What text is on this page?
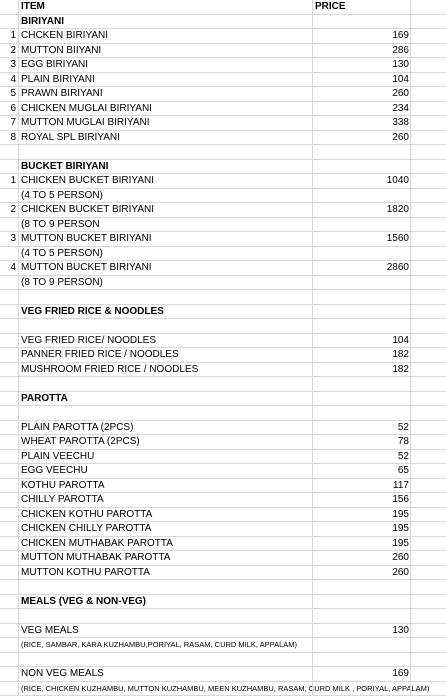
ITEM	PRICE
BIRIYANI
1 CHCKEN BIRIYANI	169
2 MUTTON BIIYANI	286
3 EGG BIRIYANI	130
4 PLAIN BIRIYANI	104
5 PRAWN BIRIYANI	260
6 CHICKEN MUGLAI BIRIYANI	234
7 MUTTON MUGLAI BIRIYANI	338
8 ROYAL SPL BIRIYANI	260
BUCKET BIRIYANI
1 CHICKEN BUCKET BIRIYANI	1040
(4 TO 5 PERSON)
2 CHICKEN BUCKET BIRIYANI	1820
(8 TO 9 PERSON
3 MUTTON BUCKET BIRIYANI	1560
(4 TO 5 PERSON)
4 MUTTON BUCKET BIRIYANI	2860
(8 TO 9 PERSON)
VEG FRIED RICE & NOODLES
VEG FRIED RICE/ NOODLES	104
PANNER FRIED RICE / NOODLES	182
MUSHROOM FRIED RICE / NOODLES	182
PAROTTA
PLAIN PAROTTA (2PCS)	52
WHEAT PAROTTA (2PCS)	78
PLAIN VEECHU	52
EGG VEECHU	65
KOTHU PAROTTA	117
CHILLY PAROTTA	156
CHICKEN KOTHU PAROTTA	195
CHICKEN CHILLY PAROTTA	195
CHICKEN MUTHABAK PAROTTA	195
MUTTON MUTHABAK PAROTTA	260
MUTTON KOTHU PAROTTA	260
MEALS (VEG & NON-VEG)
VEG MEALS	130
(RICE, SAMBAR, KARA KUZHAMBU,PORIYAL, RASAM, CURD MILK, APPALAM)
NON VEG MEALS	169
(RICE, CHICKEN KUZHAMBU, MUTTON KUZHAMBU, MEEN KUZHAMBU, RASAM, CURD MILK , PORIYAL, APPALAM)
